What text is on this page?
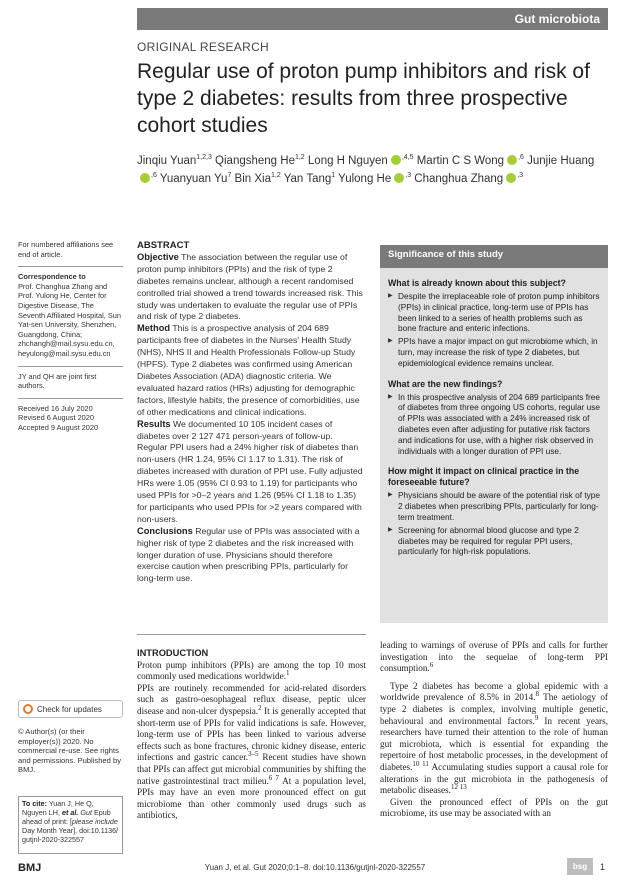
Gut microbiota
ORIGINAL RESEARCH
Regular use of proton pump inhibitors and risk of type 2 diabetes: results from three prospective cohort studies
Jinqiu Yuan$^{1,2,3}$ Qiangsheng He$^{1,2}$ Long H Nguyen $^{,4,5}$ Martin C S Wong $^{,6}$ Junjie Huang$^{,6}$ Yuanyuan Yu$^7$ Bin Xia$^{1,2}$ Yan Tang$^1$ Yulong He $^{,3}$ Changhua Zhang $^{,3}$

For numbered affiliations see end of article.

Correspondence to
Prof. Changhua Zhang and Prof. Yulong He, Center for Digestive Disease, The Seventh Affiliated Hospital, Sun Yat-sen University, Shenzhen, Guangdong, China; zhchangh@mail.sysu.edu.cn, heyulong@mail.sysu.edu.cn

JY and QH are joint first authors.

Received 16 July 2020
Revised 6 August 2020
Accepted 9 August 2020

ABSTRACT

Objective The association between the regular use of proton pump inhibitors (PPIs) and the risk of type 2 diabetes remains unclear, although a recent randomised controlled trial showed a trend towards increased risk. This study was undertaken to evaluate the regular use of PPIs and risk of type 2 diabetes.

Method This is a prospective analysis of 204 689 participants free of diabetes in the Nurses' Health Study (NHS), NHS II and Health Professionals Follow-up Study (HPFS). Type 2 diabetes was confirmed using American Diabetes Association (ADA) diagnostic criteria. We evaluated hazard ratios (HRs) adjusting for demographic factors, lifestyle habits, the presence of comorbidities, use of other medications and clinical indications.

Results We documented 10 105 incident cases of diabetes over 2 127 471 person-years of follow-up. Regular PPI users had a 24% higher risk of diabetes than non-users (HR 1.24, 95% CI 1.17 to 1.31). The risk of diabetes increased with duration of PPI use. Fully adjusted HRs were 1.05 (95% CI 0.93 to 1.19) for participants who used PPIs for >0–2 years and 1.26 (95% CI 1.18 to 1.35) for participants who used PPIs for >2 years compared with non-users.

Conclusions Regular use of PPIs was associated with a higher risk of type 2 diabetes and the risk increased with longer duration of use. Physicians should therefore exercise caution when prescribing PPIs, particularly for long-term use.

Significance of this study
What is already known about this subject?
▶ Despite the irreplaceable role of proton pump inhibitors (PPIs) in clinical practice, long-term use of PPIs has been linked to a series of health problems such as bone fracture and enteric infections.
▶ PPIs have a major impact on gut microbiome which, in turn, may increase the risk of type 2 diabetes, but epidemiological evidence remains unclear.
What are the new findings?
▶ In this prospective analysis of 204 689 participants free of diabetes from three ongoing US cohorts, regular use of PPIs was associated with a 24% increased risk of diabetes even after adjusting for putative risk factors and indications for use, with a higher risk observed in individuals with a longer duration of PPI use.
How might it impact on clinical practice in the foreseeable future?
▶ Physicians should be aware of the potential risk of type 2 diabetes when prescribing PPIs, particularly for long-term treatment.
▶ Screening for abnormal blood glucose and type 2 diabetes may be required for regular PPI users, particularly for high-risk populations.
INTRODUCTION

Proton pump inhibitors (PPIs) are among the top 10 most commonly used medications worldwide.$^1$

PPIs are routinely recommended for acid-related disorders such as gastro-oesophageal reflux disease, peptic ulcer disease and non-ulcer dyspepsia.$^2$ It is generally accepted that short-term use of PPIs for valid indications is safe. However, long-term use of PPIs has been linked to various adverse effects such as bone fractures, chronic kidney disease, enteric infections and gastric cancer.$^{3-5}$ Recent studies have shown that PPIs can affect gut microbial communities by shifting the native gastrointestinal tract milieu.$^{6 7}$ At a population level, PPIs may have an even more pronounced effect on gut microbiome than other commonly used drugs such as antibiotics,

leading to warnings of overuse of PPIs and calls for further investigation into the sequelae of long-term PPI consumption.$^6$

Type 2 diabetes has become a global epidemic with a worldwide prevalence of 8.5% in 2014.$^8$ The aetiology of type 2 diabetes is complex, involving multiple genetic, behavioural and environmental factors.$^9$ In recent years, researchers have turned their attention to the role of human gut microbiota, which is essential for expanding the repertoire of host metabolic processes, in the development of diabetes.$^{10 11}$ Accumulating studies support a causal role for alterations in the gut microbiota in the pathogenesis of metabolic diseases.$^{12 13}$

Given the pronounced effect of PPIs on the gut microbiome, its use may be associated with an

Check for updates
© Author(s) (or their employer(s)) 2020. No commercial re-use. See rights and permissions. Published by BMJ.
To cite: Yuan J, He Q, Nguyen LH, et al. Gut Epub ahead of print: [please include Day Month Year]. doi:10.1136/ gutjnl-2020-322557
BMJ	Yuan J, et al. Gut 2020;0:1–8. doi:10.1136/gutjnl-2020-322557	bsg	1
